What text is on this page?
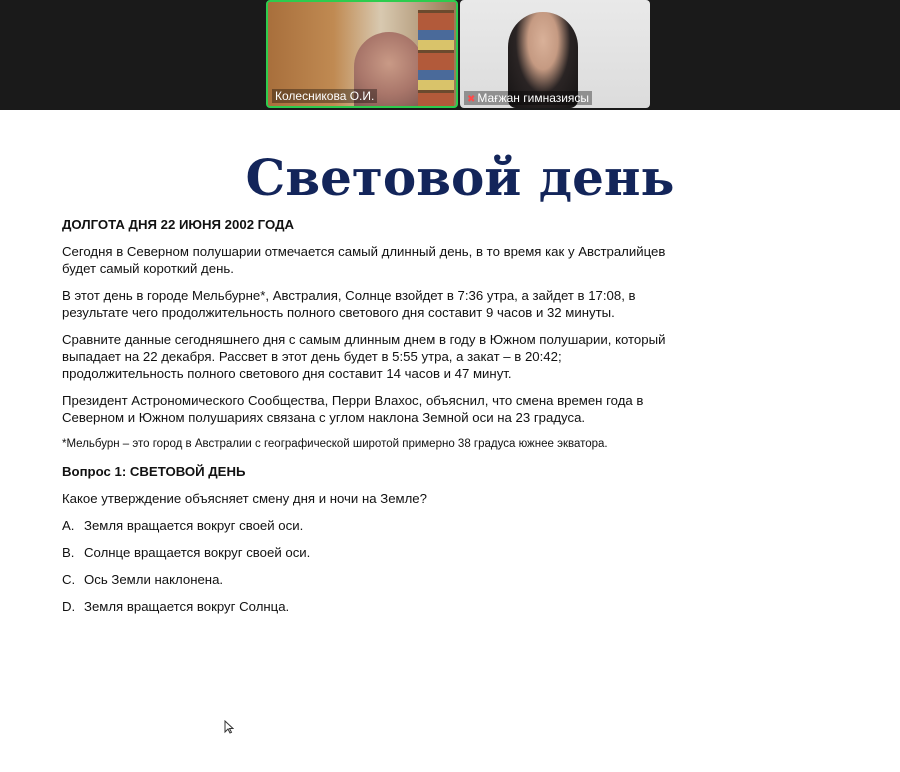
Колесникова О.И.	✖ Мағжан гимназиясы
Световой день

ДОЛГОТА ДНЯ 22 ИЮНЯ 2002 ГОДА

Сегодня в Северном полушарии отмечается самый длинный день, в то время как у Австралийцев будет самый короткий день.

В этот день в городе Мельбурне*, Австралия, Солнце взойдет в 7:36 утра, а зайдет в 17:08, в результате чего продолжительность полного светового дня составит 9 часов и 32 минуты.

Сравните данные сегодняшнего дня с самым длинным днем в году в Южном полушарии, который выпадает на 22 декабря. Рассвет в этот день будет в 5:55 утра, а закат – в 20:42; продолжительность полного светового дня составит 14 часов и 47 минут.

Президент Астрономического Сообщества, Перри Влахос, объяснил, что смена времен года в Северном и Южном полушариях связана с углом наклона Земной оси на 23 градуса.

*Мельбурн – это город в Австралии с географической широтой примерно 38 градуса южнее экватора.

Вопрос 1: СВЕТОВОЙ ДЕНЬ

Какое утверждение объясняет смену дня и ночи на Земле?

A. Земля вращается вокруг своей оси.
B. Солнце вращается вокруг своей оси.
C. Ось Земли наклонена.
D. Земля вращается вокруг Солнца.
